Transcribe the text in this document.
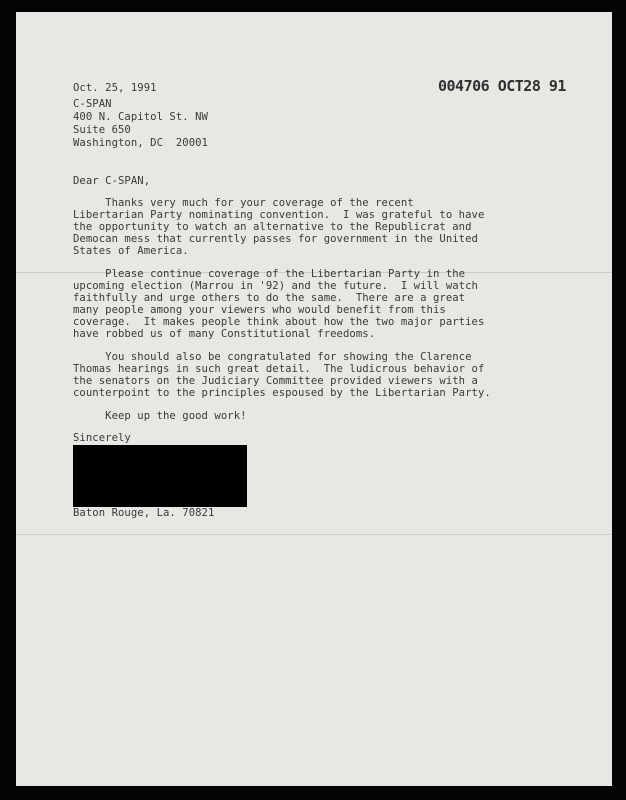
Oct. 25, 1991	004706 OCT28 91
C-SPAN
400 N. Capitol St. NW
Suite 650
Washington, DC  20001
Dear C-SPAN,
Thanks very much for your coverage of the recent
Libertarian Party nominating convention.  I was grateful to have
the opportunity to watch an alternative to the Republicrat and
Democan mess that currently passes for government in the United
States of America.
Please continue coverage of the Libertarian Party in the
upcoming election (Marrou in '92) and the future.  I will watch
faithfully and urge others to do the same.  There are a great
many people among your viewers who would benefit from this
coverage.  It makes people think about how the two major parties
have robbed us of many Constitutional freedoms.
You should also be congratulated for showing the Clarence
Thomas hearings in such great detail.  The ludicrous behavior of
the senators on the Judiciary Committee provided viewers with a
counterpoint to the principles espoused by the Libertarian Party.
Keep up the good work!
Sincerely
Baton Rouge, La. 70821
